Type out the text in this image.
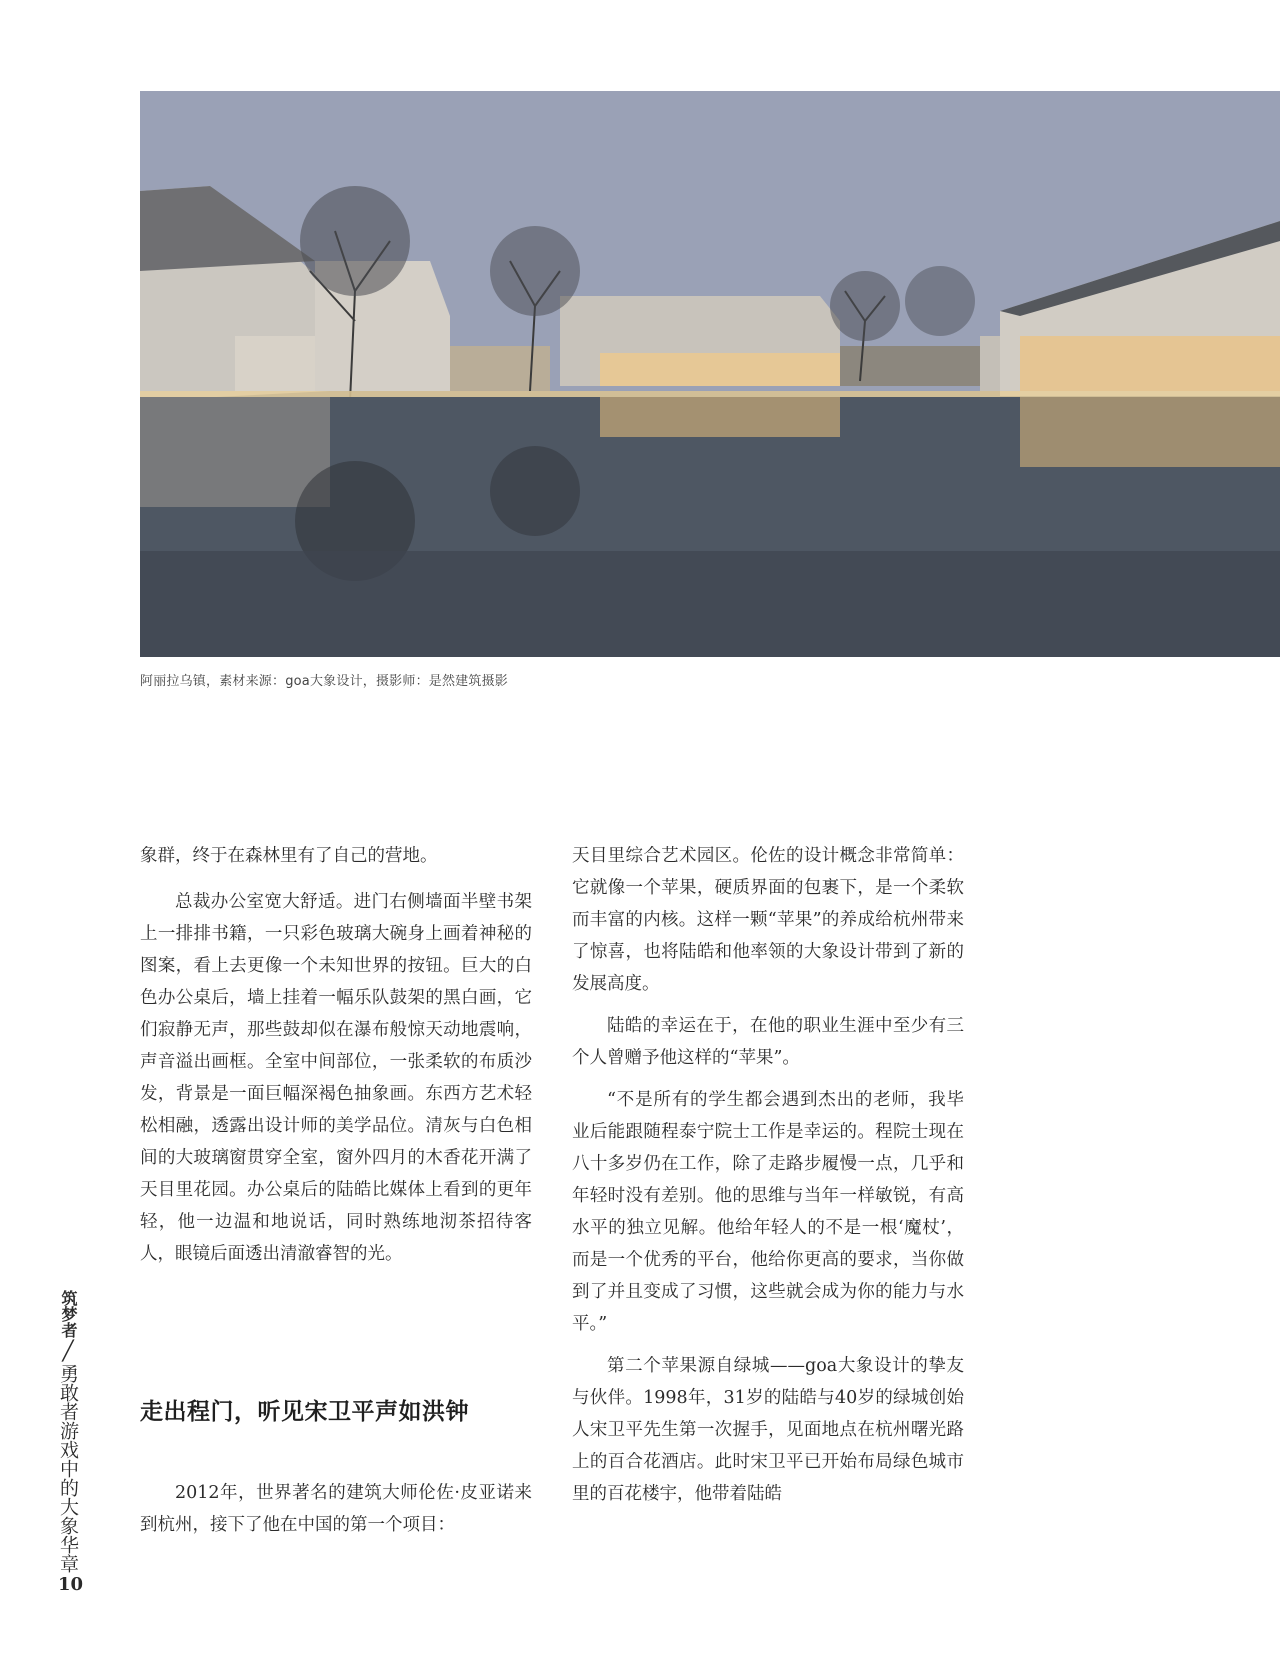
阿丽拉乌镇，素材来源：goa大象设计，摄影师：是然建筑摄影

象群，终于在森林里有了自己的营地。

总裁办公室宽大舒适。进门右侧墙面半壁书架上一排排书籍，一只彩色玻璃大碗身上画着神秘的图案，看上去更像一个未知世界的按钮。巨大的白色办公桌后，墙上挂着一幅乐队鼓架的黑白画，它们寂静无声，那些鼓却似在瀑布般惊天动地震响，声音溢出画框。全室中间部位，一张柔软的布质沙发，背景是一面巨幅深褐色抽象画。东西方艺术轻松相融，透露出设计师的美学品位。清灰与白色相间的大玻璃窗贯穿全室，窗外四月的木香花开满了天目里花园。办公桌后的陆皓比媒体上看到的更年轻，他一边温和地说话，同时熟练地沏茶招待客人，眼镜后面透出清澈睿智的光。

走出程门，听见宋卫平声如洪钟

2012年，世界著名的建筑大师伦佐·皮亚诺来到杭州，接下了他在中国的第一个项目：

天目里综合艺术园区。伦佐的设计概念非常简单：它就像一个苹果，硬质界面的包裹下，是一个柔软而丰富的内核。这样一颗“苹果”的养成给杭州带来了惊喜，也将陆皓和他率领的大象设计带到了新的发展高度。

陆皓的幸运在于，在他的职业生涯中至少有三个人曾赠予他这样的“苹果”。

“不是所有的学生都会遇到杰出的老师，我毕业后能跟随程泰宁院士工作是幸运的。程院士现在八十多岁仍在工作，除了走路步履慢一点，几乎和年轻时没有差别。他的思维与当年一样敏锐，有高水平的独立见解。他给年轻人的不是一根‘魔杖’，而是一个优秀的平台，他给你更高的要求，当你做到了并且变成了习惯，这些就会成为你的能力与水平。”

第二个苹果源自绿城——goa大象设计的挚友与伙伴。1998年，31岁的陆皓与40岁的绿城创始人宋卫平先生第一次握手，见面地点在杭州曙光路上的百合花酒店。此时宋卫平已开始布局绿色城市里的百花楼宇，他带着陆皓

筑梦者╱勇敢者游戏中的大象华章
10
